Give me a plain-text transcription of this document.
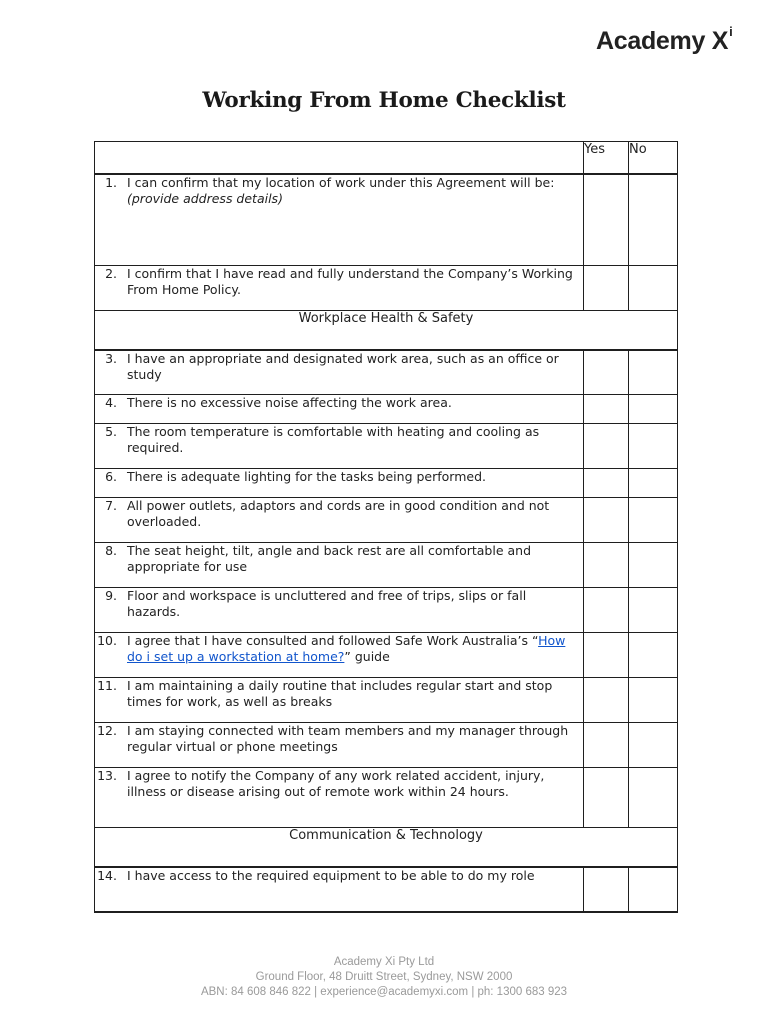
Academy $X^i$
Working From Home Checklist
	Yes	No

1. I can confirm that my location of work under this Agreement will be: (provide address details)		

2. I confirm that I have read and fully understand the Company’s Working From Home Policy.		

Workplace Health & Safety		

3. I have an appropriate and designated work area, such as an office or study		

4. There is no excessive noise affecting the work area.		

5. The room temperature is comfortable with heating and cooling as required.		

6. There is adequate lighting for the tasks being performed.		

7. All power outlets, adaptors and cords are in good condition and not overloaded.		

8. The seat height, tilt, angle and back rest are all comfortable and appropriate for use		

9. Floor and workspace is uncluttered and free of trips, slips or fall hazards.		

10. I agree that I have consulted and followed Safe Work Australia’s “How do i set up a workstation at home?” guide		

11. I am maintaining a daily routine that includes regular start and stop times for work, as well as breaks		

12. I am staying connected with team members and my manager through regular virtual or phone meetings		

13. I agree to notify the Company of any work related accident, injury, illness or disease arising out of remote work within 24 hours.		

Communication & Technology		

14. I have access to the required equipment to be able to do my role		

Academy Xi Pty Ltd
Ground Floor, 48 Druitt Street, Sydney, NSW 2000
ABN: 84 608 846 822 | experience@academyxi.com | ph: 1300 683 923
